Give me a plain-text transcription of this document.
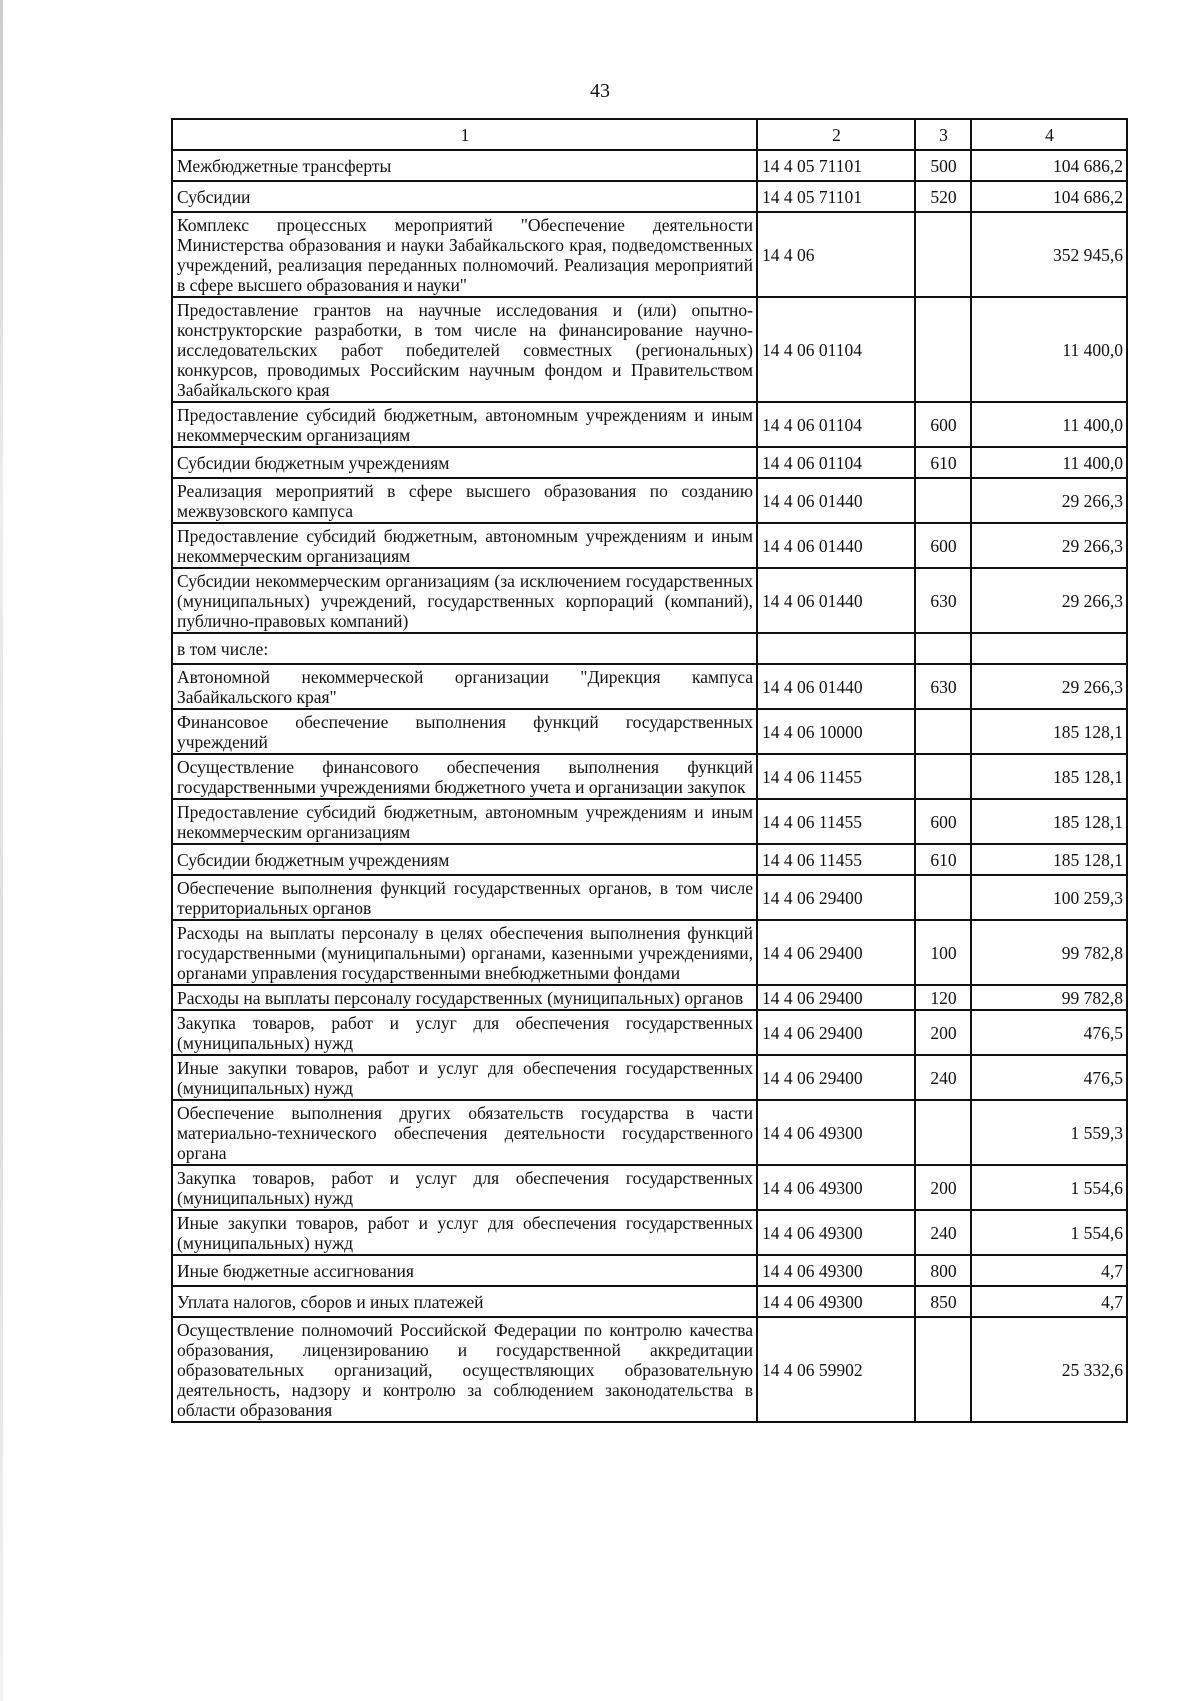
43
1	2	3	4
Межбюджетные трансферты	14 4 05 71101	500	104 686,2
Субсидии	14 4 05 71101	520	104 686,2
Комплекс процессных мероприятий "Обеспечение деятельности Министерства образования и науки Забайкальского края, подведомственных учреждений, реализация переданных полномочий. Реализация мероприятий в сфере высшего образования и науки"	14 4 06		352 945,6
Предоставление грантов на научные исследования и (или) опытно-конструкторские разработки, в том числе на финансирование научно-исследовательских работ победителей совместных (региональных) конкурсов, проводимых Российским научным фондом и Правительством Забайкальского края	14 4 06 01104		11 400,0
Предоставление субсидий бюджетным, автономным учреждениям и иным некоммерческим организациям	14 4 06 01104	600	11 400,0
Субсидии бюджетным учреждениям	14 4 06 01104	610	11 400,0
Реализация мероприятий в сфере высшего образования по созданию межвузовского кампуса	14 4 06 01440		29 266,3
Предоставление субсидий бюджетным, автономным учреждениям и иным некоммерческим организациям	14 4 06 01440	600	29 266,3
Субсидии некоммерческим организациям (за исключением государственных (муниципальных) учреждений, государственных корпораций (компаний), публично-правовых компаний)	14 4 06 01440	630	29 266,3
в том числе:			
Автономной некоммерческой организации "Дирекция кампуса Забайкальского края"	14 4 06 01440	630	29 266,3
Финансовое обеспечение выполнения функций государственных учреждений	14 4 06 10000		185 128,1
Осуществление финансового обеспечения выполнения функций государственными учреждениями бюджетного учета и организации закупок	14 4 06 11455		185 128,1
Предоставление субсидий бюджетным, автономным учреждениям и иным некоммерческим организациям	14 4 06 11455	600	185 128,1
Субсидии бюджетным учреждениям	14 4 06 11455	610	185 128,1
Обеспечение выполнения функций государственных органов, в том числе территориальных органов	14 4 06 29400		100 259,3
Расходы на выплаты персоналу в целях обеспечения выполнения функций государственными (муниципальными) органами, казенными учреждениями, органами управления государственными внебюджетными фондами	14 4 06 29400	100	99 782,8
Расходы на выплаты персоналу государственных (муниципальных) органов	14 4 06 29400	120	99 782,8
Закупка товаров, работ и услуг для обеспечения государственных (муниципальных) нужд	14 4 06 29400	200	476,5
Иные закупки товаров, работ и услуг для обеспечения государственных (муниципальных) нужд	14 4 06 29400	240	476,5
Обеспечение выполнения других обязательств государства в части материально-технического обеспечения деятельности государственного органа	14 4 06 49300		1 559,3
Закупка товаров, работ и услуг для обеспечения государственных (муниципальных) нужд	14 4 06 49300	200	1 554,6
Иные закупки товаров, работ и услуг для обеспечения государственных (муниципальных) нужд	14 4 06 49300	240	1 554,6
Иные бюджетные ассигнования	14 4 06 49300	800	4,7
Уплата налогов, сборов и иных платежей	14 4 06 49300	850	4,7
Осуществление полномочий Российской Федерации по контролю качества образования, лицензированию и государственной аккредитации образовательных организаций, осуществляющих образовательную деятельность, надзору и контролю за соблюдением законодательства в области образования	14 4 06 59902		25 332,6
